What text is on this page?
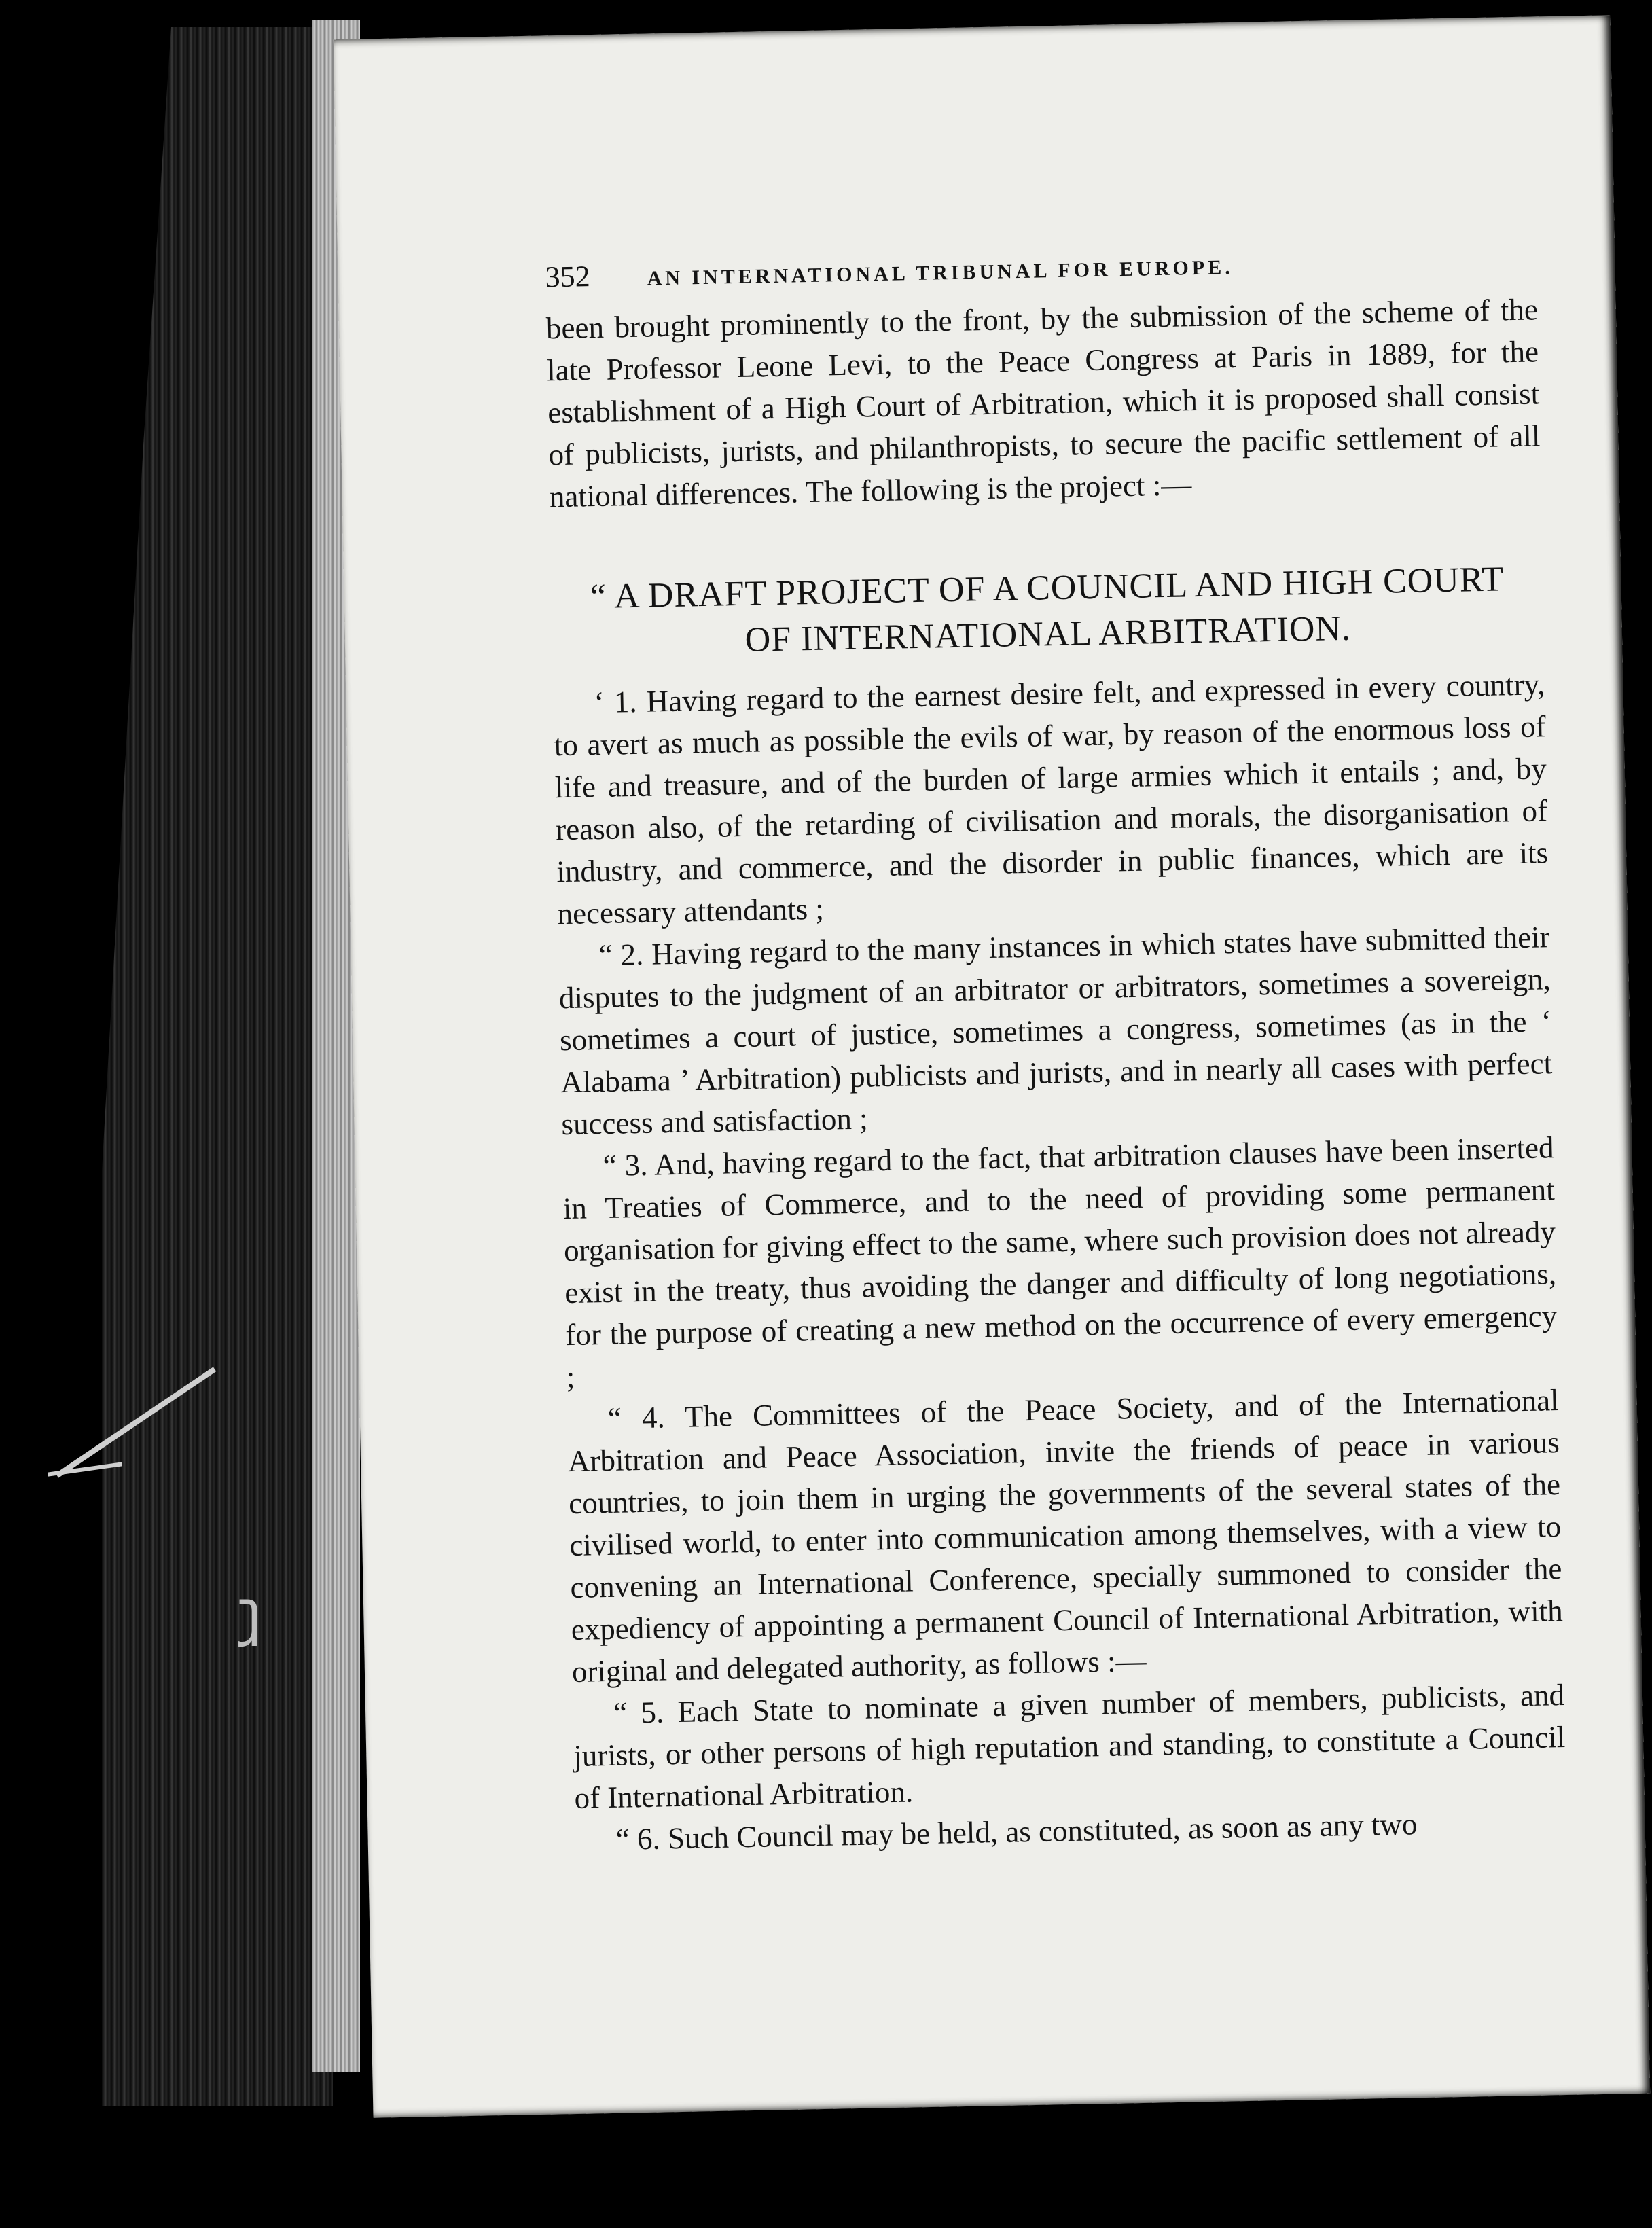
ⱹ
352	AN INTERNATIONAL TRIBUNAL FOR EUROPE.

been brought prominently to the front, by the submission of the scheme of the late Professor Leone Levi, to the Peace Congress at Paris in 1889, for the establishment of a High Court of Arbitration, which it is proposed shall consist of publicists, jurists, and philanthropists, to secure the pacific settlement of all national differences. The following is the project :—

“ A DRAFT PROJECT OF A COUNCIL AND HIGH COURT
OF INTERNATIONAL ARBITRATION.

‘ 1. Having regard to the earnest desire felt, and expressed in every country, to avert as much as possible the evils of war, by reason of the enormous loss of life and treasure, and of the burden of large armies which it entails ; and, by reason also, of the retarding of civilisation and morals, the disorganisation of industry, and commerce, and the disorder in public finances, which are its necessary attendants ;

“ 2. Having regard to the many instances in which states have submitted their disputes to the judgment of an arbitrator or arbitrators, sometimes a sovereign, sometimes a court of justice, sometimes a congress, sometimes (as in the ‘ Alabama ’ Arbitration) publicists and jurists, and in nearly all cases with perfect success and satisfaction ;

“ 3. And, having regard to the fact, that arbitration clauses have been inserted in Treaties of Commerce, and to the need of providing some permanent organisation for giving effect to the same, where such provision does not already exist in the treaty, thus avoiding the danger and difficulty of long negotiations, for the purpose of creating a new method on the occurrence of every emergency ;

“ 4. The Committees of the Peace Society, and of the International Arbitration and Peace Association, invite the friends of peace in various countries, to join them in urging the governments of the several states of the civilised world, to enter into communication among themselves, with a view to convening an International Conference, specially summoned to consider the expediency of appointing a permanent Council of International Arbitration, with original and delegated authority, as follows :—

“ 5. Each State to nominate a given number of members, publicists, and jurists, or other persons of high reputation and standing, to constitute a Council of International Arbitration.

“ 6. Such Council may be held, as constituted, as soon as any two
